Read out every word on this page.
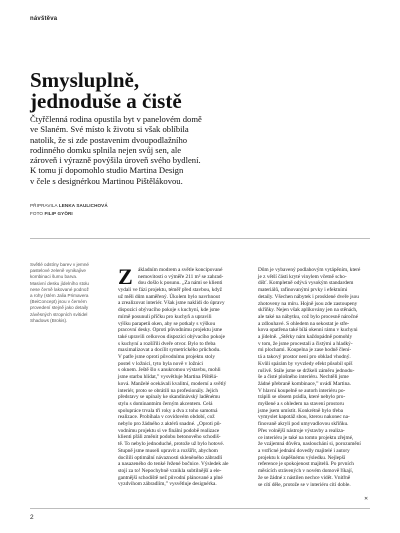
návštěva
Smysluplně,
jednoduše a čistě
Čtyřčlenná rodina opustila byt v panelovém domě
ve Slaném. Své místo k životu si však oblíbila
natolik, že si zde postavenim dvoupodlažního
rodinného domku splnila nejen svůj sen, ale
zároveň i výrazně povýšila úroveň svého bydlení.
K tomu jí dopomohlo studio Martina Design
v čele s designérkou Martinou Pištělákovou.
PŘIPRAVILA LENKA SAULICHOVÁ
FOTO FILIP GYÖRI
Světlé odstíny barev v jemné
pastelové zeleně vynikajíve
kombinaci šumu barva.
Masivní desku jídelního stolu
nese černě lakované podnož
a rohy (stém Jalia Primavera
(BeiConcept) jsou v černém
provedení stejně jako detaily
závěsných stropních svítidel
Shadows (Brokis).
Z ákladním modrem a světle koncipované
nemovitosti o výměře 211 m² se zahrad-
dou došlo k posunu. „Za námi se klienti
vydali ve fázi projektu, téměř před stavbou, když
už měli dům naměřený. Úkolem bylo navrhnout
a zrealizovat interiér. Však jsme naklidi do úpravy
dispozici obývacího pokoje s kuchyní, kde jsme
mírně posunuli příčku pro kuchyň a upravili
výšku parapetů oken, aby se potkaly s výškou
pracovní desky. Oproti původnímu projektu jsme
také upravili celkovou dispozici obývacího pokoje
s kuchyní a rozšířili dveře otvor. Bylo to třeba
maximalizovat a docílit symetrického průchodu.
V patře jsme oproti původnímu projektu stoly
postel v ložnici, tyto byla nově v ložnici
s oknem. Ještě šlo s anukromou výstavbu, mohli
jsme starbu hlídat,” vysvětluje Martina Pištělá-
ková. Manželé ocekávali kvalitní, moderní a světlý
interiér, proto se obrátili na profesionály. Jejich
představy se upínaly ke skandinávský laděnému
stylu s dominantním černým akcentem. Celá
spolupráce trvala tři roky a dva z toho samotná
realizace. Probíhala v covidovém období, což
nebylo pro žádného z aktérů snadné. „Oproti pů-
vodnímu projektu si ve finální podobě realizace
klienti přáli změnit podobu betonového schodiš-
tě. To nebylo jednoduché, protože už bylo hotové.
Stupně jsme museli upravit a rozšířit, abychom
docílili optimální návaznosti skleněného zábradlí
a nasazeného do tenké řežené bočnice. Výsledek ale
stojí za to! Nepochybně vznikla subtilnější a ele-
gantnější schodiště než původní plánované a plné
vyzdvihom zábradlím,” vysvětluje designérka.
Dům je vybavený podlahovým vytápěním, které
je z větší části kryté vinylem včetně scho-
dišť. Kompletně odývá vysokým standardem
materiálů, rafinovanými prvky i efektními
detaily. Všechen nábytek i prosklené dveře jsou
zhotoveny na míru. Hojně jsou zde zastoupeny
skříňky. Nejen však aplikovány jen na stěnách,
ale také na nábytku, což bylo procesně náročné
a zdlouhavé. S ohledem na sekostat je stře-
kova opatřena také bílá okenní rámu v kuchyni
a jídelně. „Stěrky nám každopádně pomohly
v tom, že jsme procestali a čistými a hladký-
mi plochami. Koupelna je zase hodně člení-
tá a takový prostor není pro obklad vhodný.
Kvůli spárám by vyvzledy efekt působil spíš
rušivě. Stále jsme se držkeli záměru jednodu-
še a čisté plošného interiéru. Nechtěli jsme
žádné přebraně kombinace,” uvádí Martina.
V hlavní koupelně se autorh interiéru po-
trápili se obsem prádla, které nebylo pro-
myšlené a s ohledem na stavení prostoru
jsme jsem umístit. Konkrétně bylo třeba
vymyslet kapotáž sbou, kterou nakonec na-
finovaně akryli pod umyvadlovou skříňku.
Přes volnější nástroje výstavby a realiza-
ce interiéru je také na tomto projektu zřejmé,
že vzájemná důvěra, naslouchání si, porozumění
a vstřícné jednání dovedly majitelé i autory
projektu k úspěšnému výsledku. Nejlepší
reference je spokojenost majitelů. Po prvních
měsících strávených v novém domově říkají,
že se žádné z nástilen nechce vidět. Vnitřně
se cítí děle, protože se v interiéru cítí doble.
✕
2
